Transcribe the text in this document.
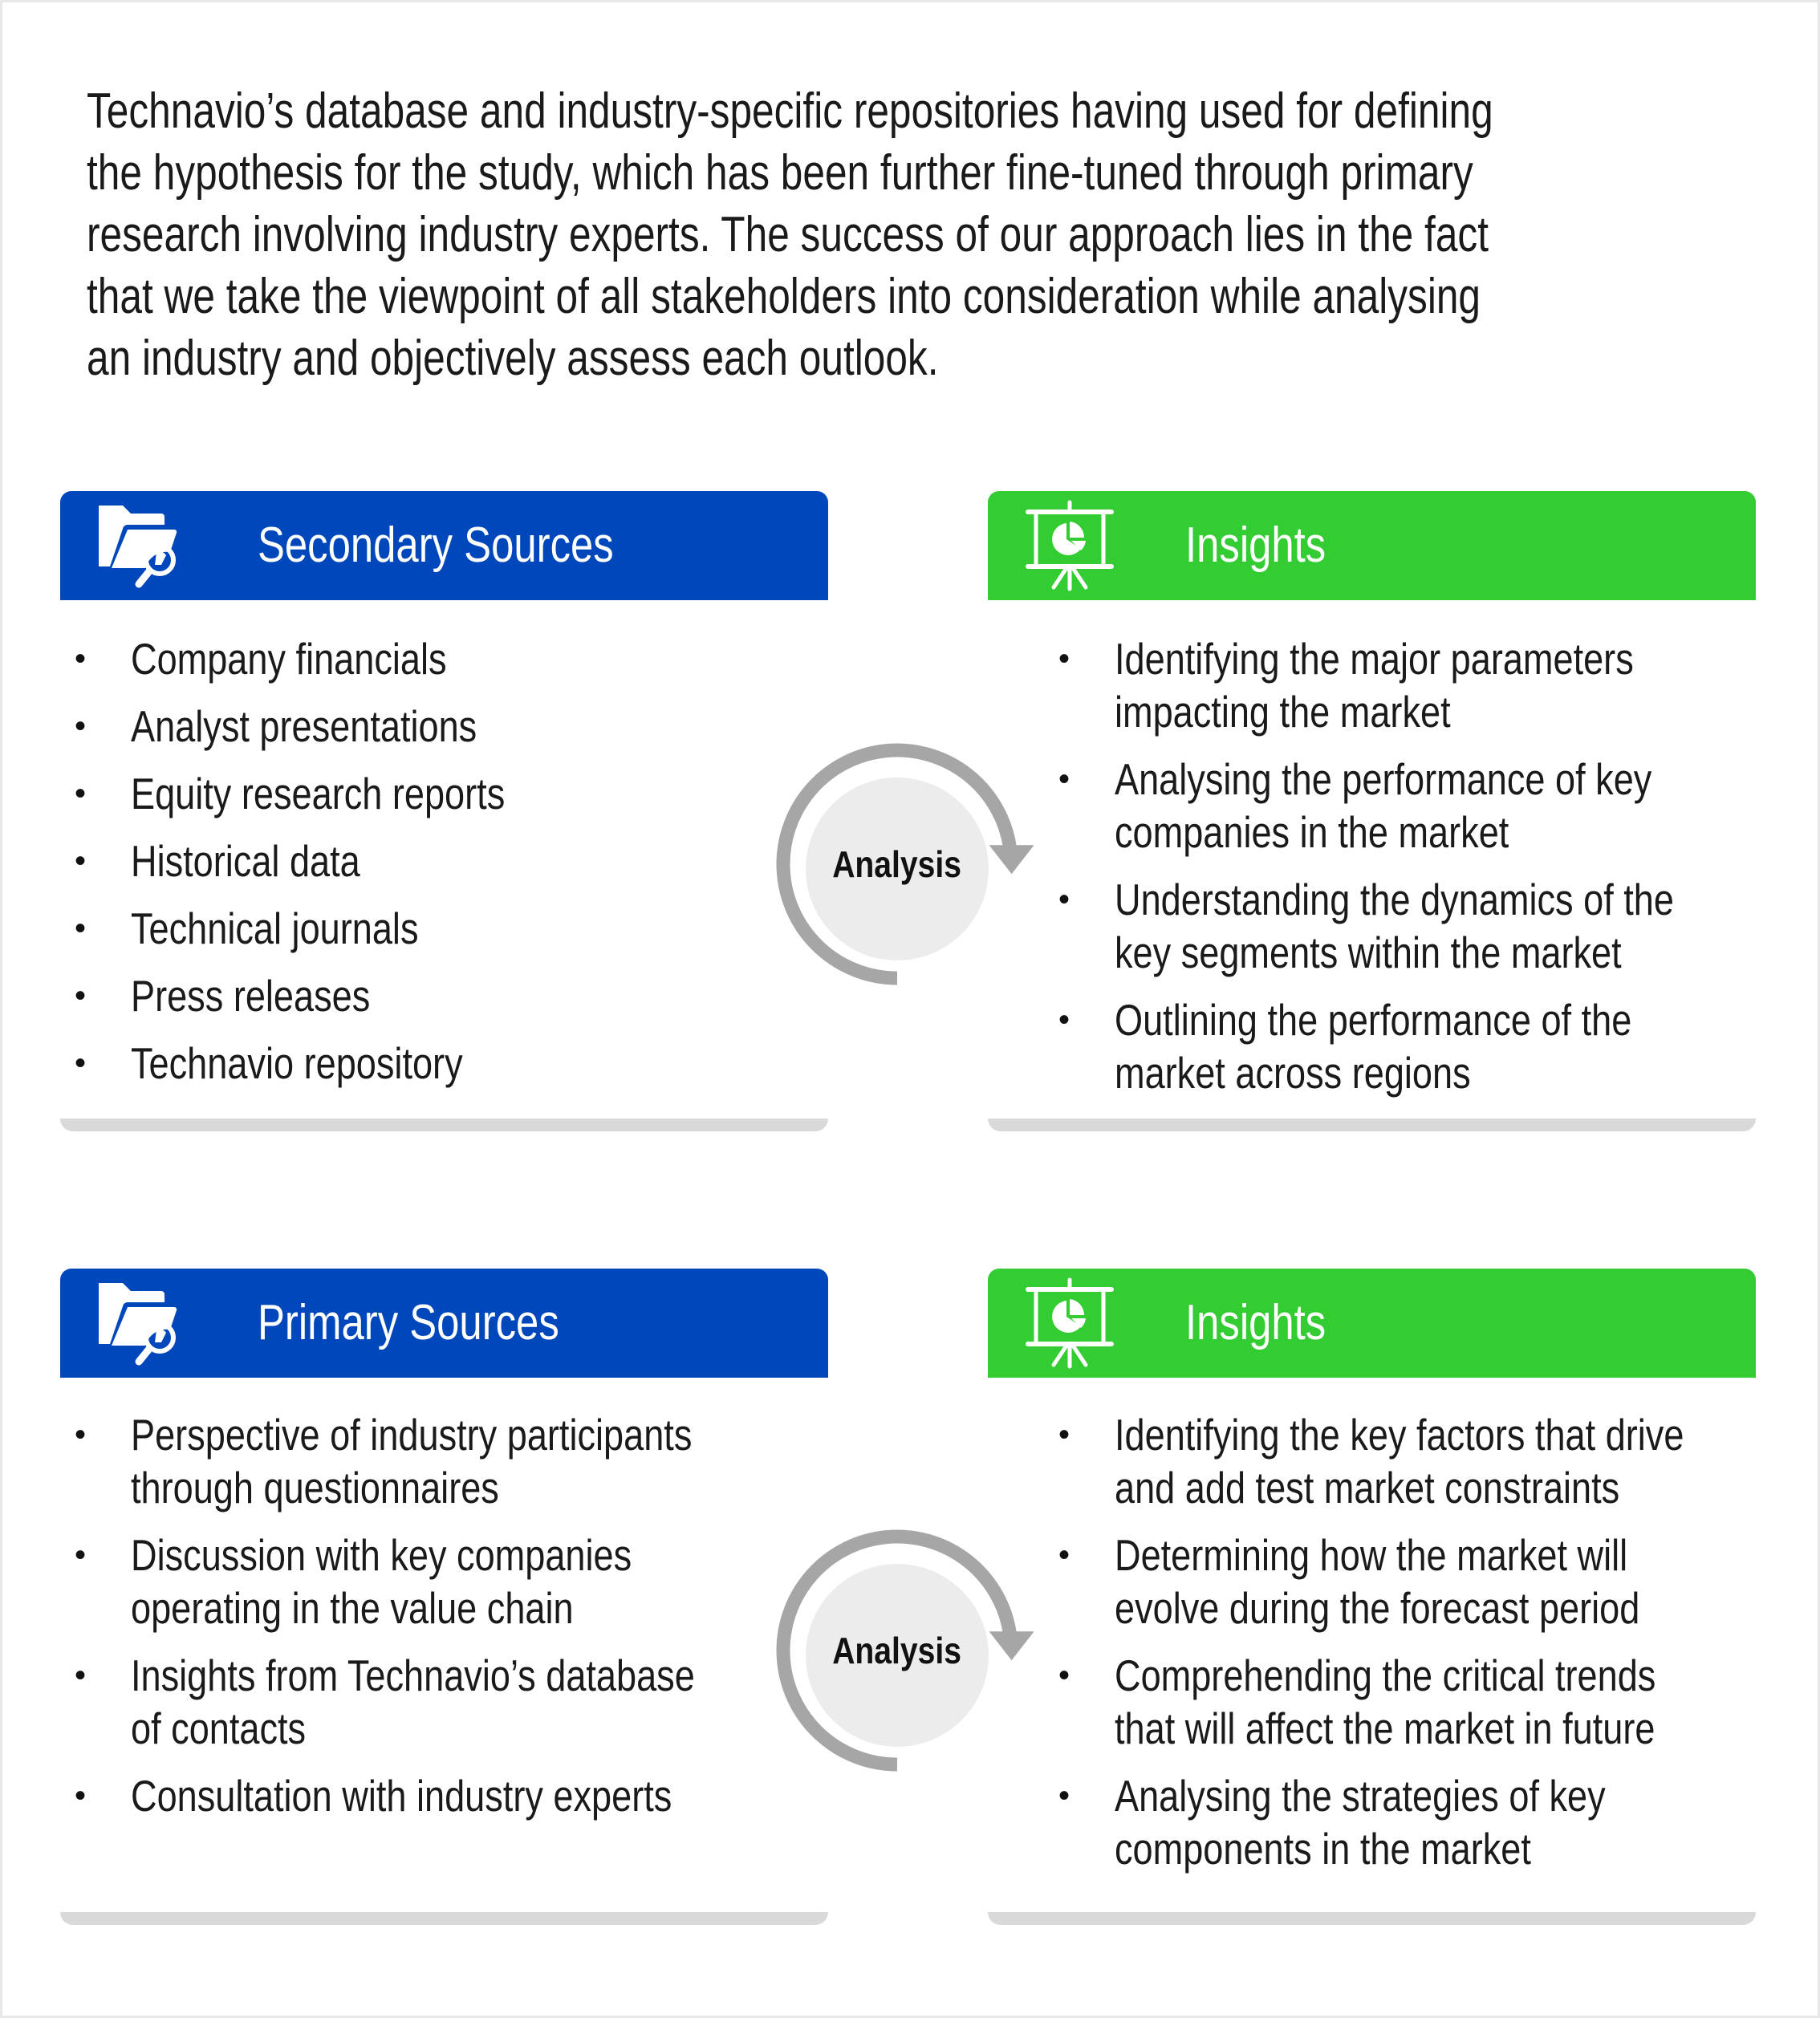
Technavio’s database and industry-specific repositories having used for defining
the hypothesis for the study, which has been further fine-tuned through primary
research involving industry experts. The success of our approach lies in the fact
that we take the viewpoint of all stakeholders into consideration while analysing
an industry and objectively assess each outlook.
Secondary Sources
• Company financials
• Analyst presentations
• Equity research reports
• Historical data
• Technical journals
• Press releases
• Technavio repository
Insights
• Identifying the major parameters
impacting the market
• Analysing the performance of key
companies in the market
• Understanding the dynamics of the
key segments within the market
• Outlining the performance of the
market across regions
Analysis
Primary Sources
• Perspective of industry participants
through questionnaires
• Discussion with key companies
operating in the value chain
• Insights from Technavio’s database
of contacts
• Consultation with industry experts
Insights
• Identifying the key factors that drive
and add test market constraints
• Determining how the market will
evolve during the forecast period
• Comprehending the critical trends
that will affect the market in future
• Analysing the strategies of key
components in the market
Analysis
